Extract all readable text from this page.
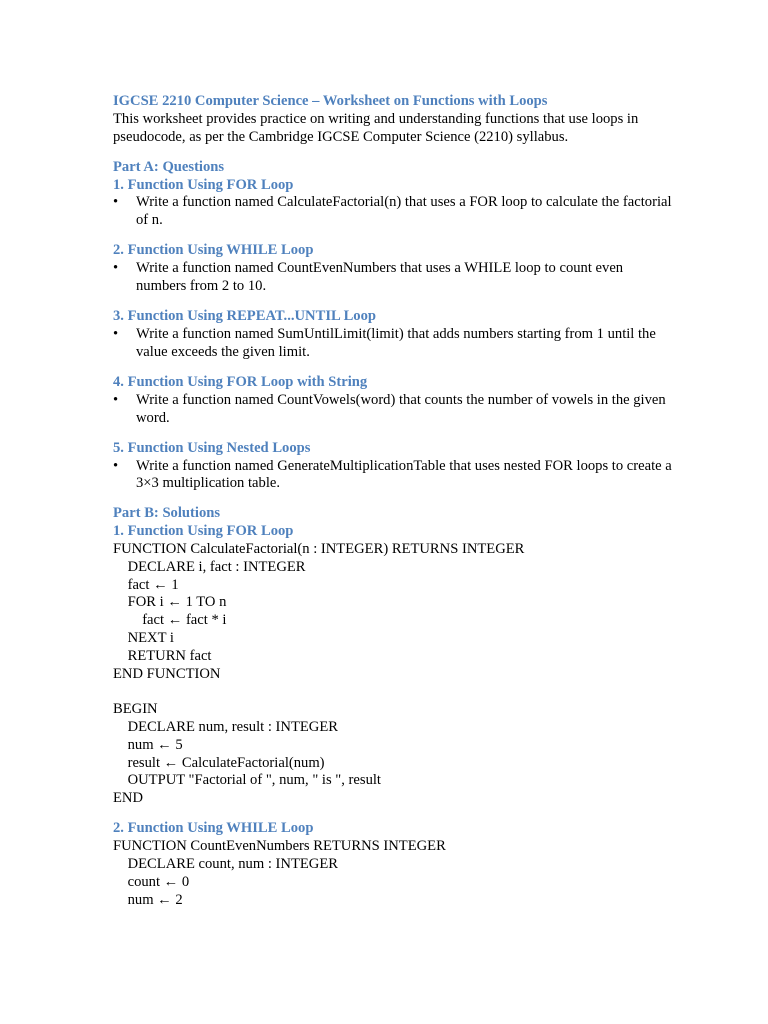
IGCSE 2210 Computer Science – Worksheet on Functions with Loops
This worksheet provides practice on writing and understanding functions that use loops in pseudocode, as per the Cambridge IGCSE Computer Science (2210) syllabus.
Part A: Questions
1. Function Using FOR Loop
•	Write a function named CalculateFactorial(n) that uses a FOR loop to calculate the factorial of n.
2. Function Using WHILE Loop
•	Write a function named CountEvenNumbers that uses a WHILE loop to count even numbers from 2 to 10.
3. Function Using REPEAT...UNTIL Loop
•	Write a function named SumUntilLimit(limit) that adds numbers starting from 1 until the value exceeds the given limit.
4. Function Using FOR Loop with String
•	Write a function named CountVowels(word) that counts the number of vowels in the given word.
5. Function Using Nested Loops
•	Write a function named GenerateMultiplicationTable that uses nested FOR loops to create a 3×3 multiplication table.
Part B: Solutions
1. Function Using FOR Loop
FUNCTION CalculateFactorial(n : INTEGER) RETURNS INTEGER
DECLARE i, fact : INTEGER
fact ← 1
FOR i ← 1 TO n
fact ← fact * i
NEXT i
RETURN fact
END FUNCTION
BEGIN
DECLARE num, result : INTEGER
num ← 5
result ← CalculateFactorial(num)
OUTPUT "Factorial of ", num, " is ", result
END
2. Function Using WHILE Loop
FUNCTION CountEvenNumbers RETURNS INTEGER
DECLARE count, num : INTEGER
count ← 0
num ← 2
